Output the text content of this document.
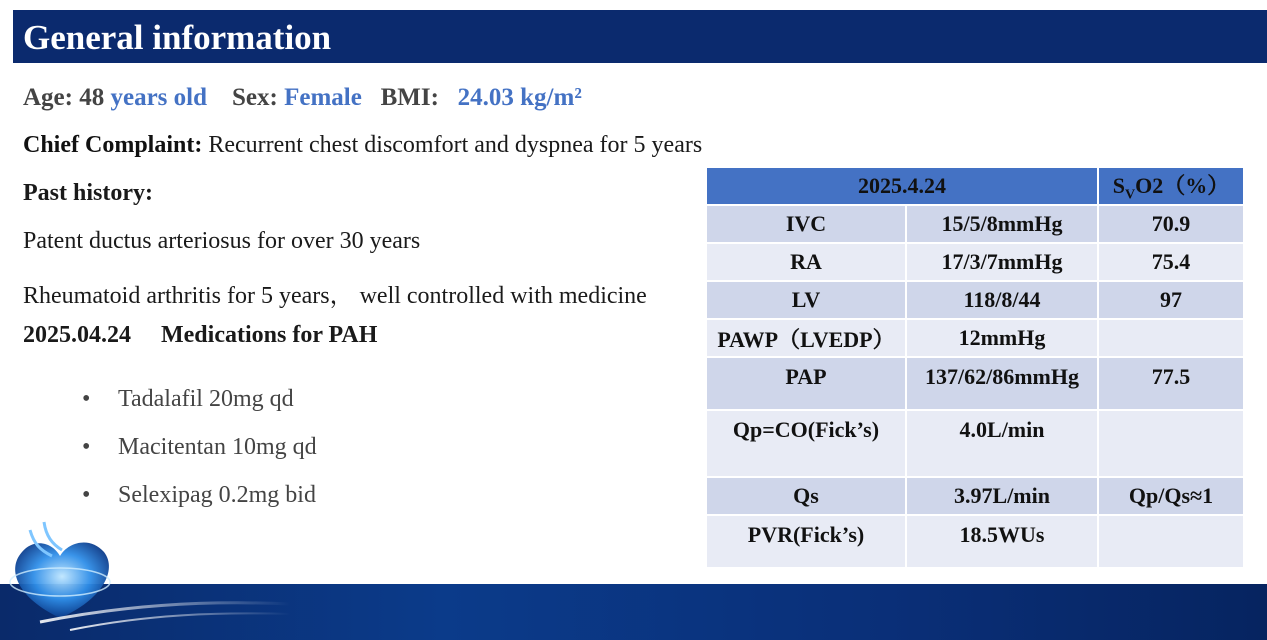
General information
Age: 48 years old Sex: Female BMI: 24.03 kg/m²
Chief Complaint: Recurrent chest discomfort and dyspnea for 5 years
Past history:
Patent ductus arteriosus for over 30 years
Rheumatoid arthritis for 5 years， well controlled with medicine
2025.04.24 Medications for PAH
• Tadalafil 20mg qd
• Macitentan 10mg qd
• Selexipag 0.2mg bid
2025.4.24		$S_VO2(\%)$
IVC	15/5/8mmHg	70.9
RA	17/3/7mmHg	75.4
LV	118/8/44	97
PAWP（LVEDP）	12mmHg	
PAP	137/62/86mmHg	77.5
Qp=CO(Fick’s)	4.0L/min	
Qs	3.97L/min	Qp/Qs≈1
PVR(Fick’s)	18.5WUs	
